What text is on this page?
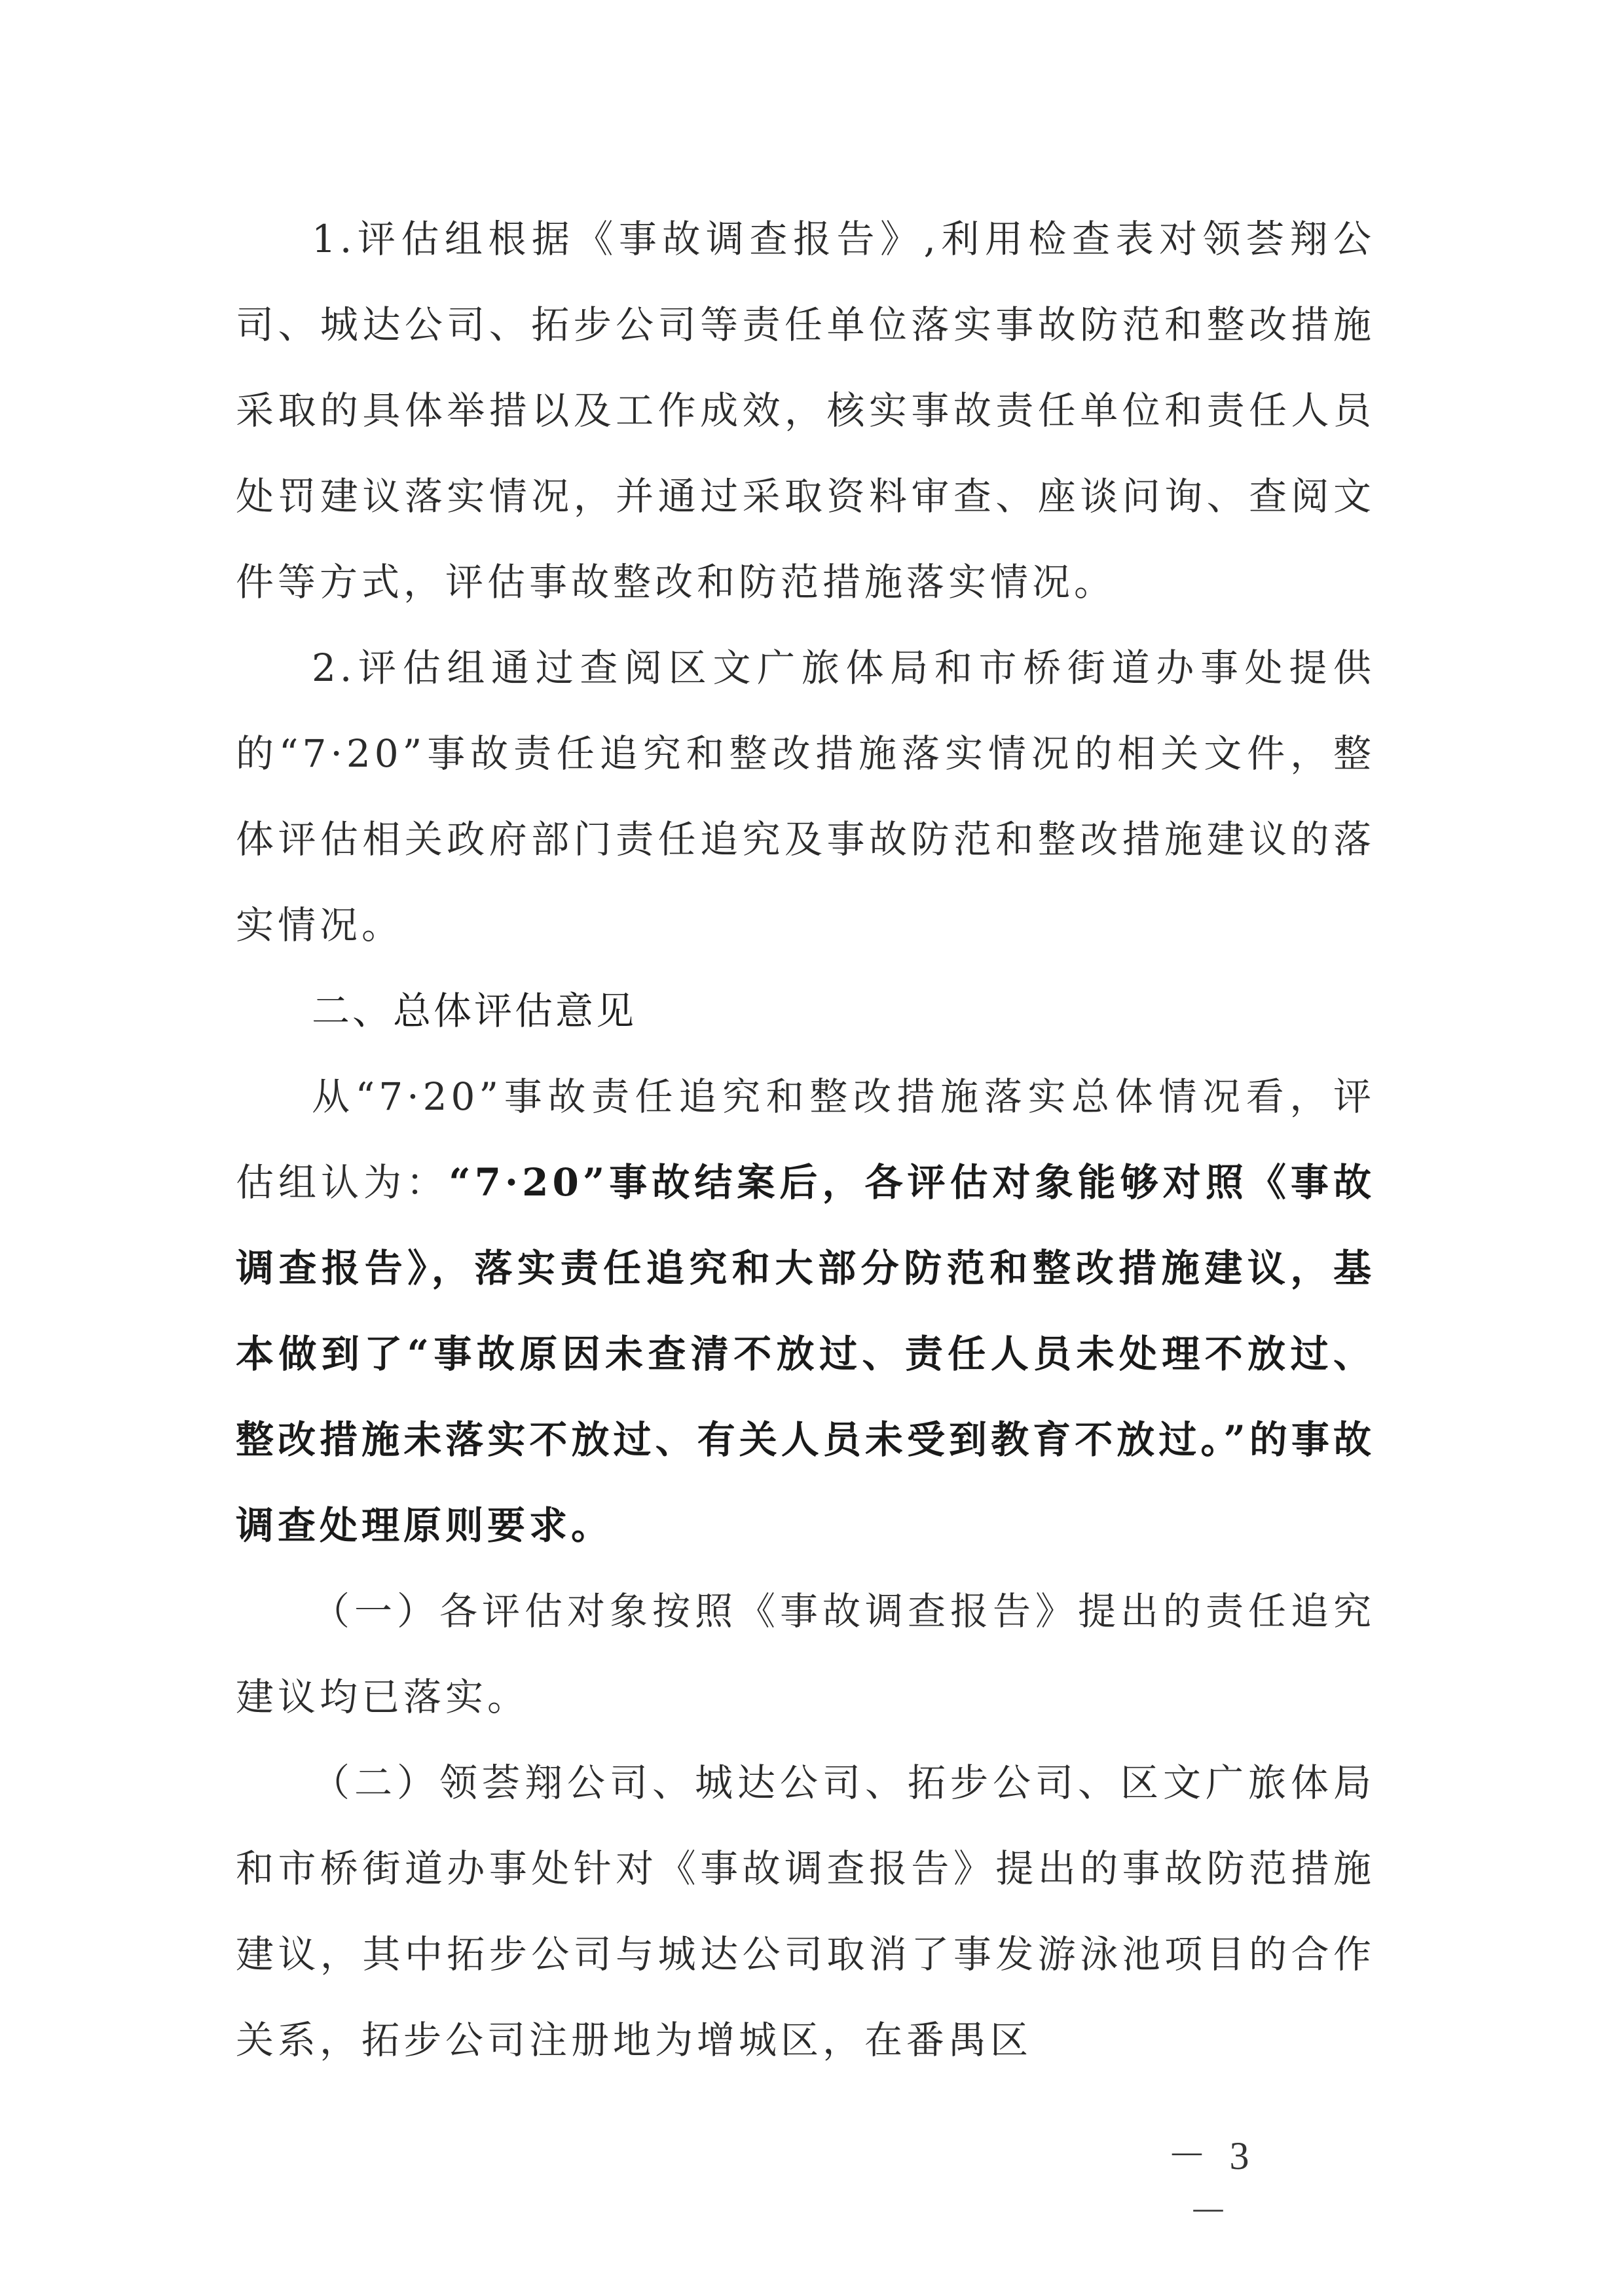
1.评估组根据《事故调查报告》,利用检查表对领荟翔公司、城达公司、拓步公司等责任单位落实事故防范和整改措施采取的具体举措以及工作成效，核实事故责任单位和责任人员处罚建议落实情况，并通过采取资料审查、座谈问询、查阅文件等方式，评估事故整改和防范措施落实情况。

2.评估组通过查阅区文广旅体局和市桥街道办事处提供的“7·20”事故责任追究和整改措施落实情况的相关文件，整体评估相关政府部门责任追究及事故防范和整改措施建议的落实情况。

二、总体评估意见

从“7·20”事故责任追究和整改措施落实总体情况看，评估组认为：“7·20”事故结案后，各评估对象能够对照《事故调查报告》，落实责任追究和大部分防范和整改措施建议，基本做到了“事故原因未查清不放过、责任人员未处理不放过、整改措施未落实不放过、有关人员未受到教育不放过。”的事故调查处理原则要求。

（一）各评估对象按照《事故调查报告》提出的责任追究建议均已落实。

（二）领荟翔公司、城达公司、拓步公司、区文广旅体局和市桥街道办事处针对《事故调查报告》提出的事故防范措施建议，其中拓步公司与城达公司取消了事发游泳池项目的合作关系，拓步公司注册地为增城区，在番禺区

－ 3 －
